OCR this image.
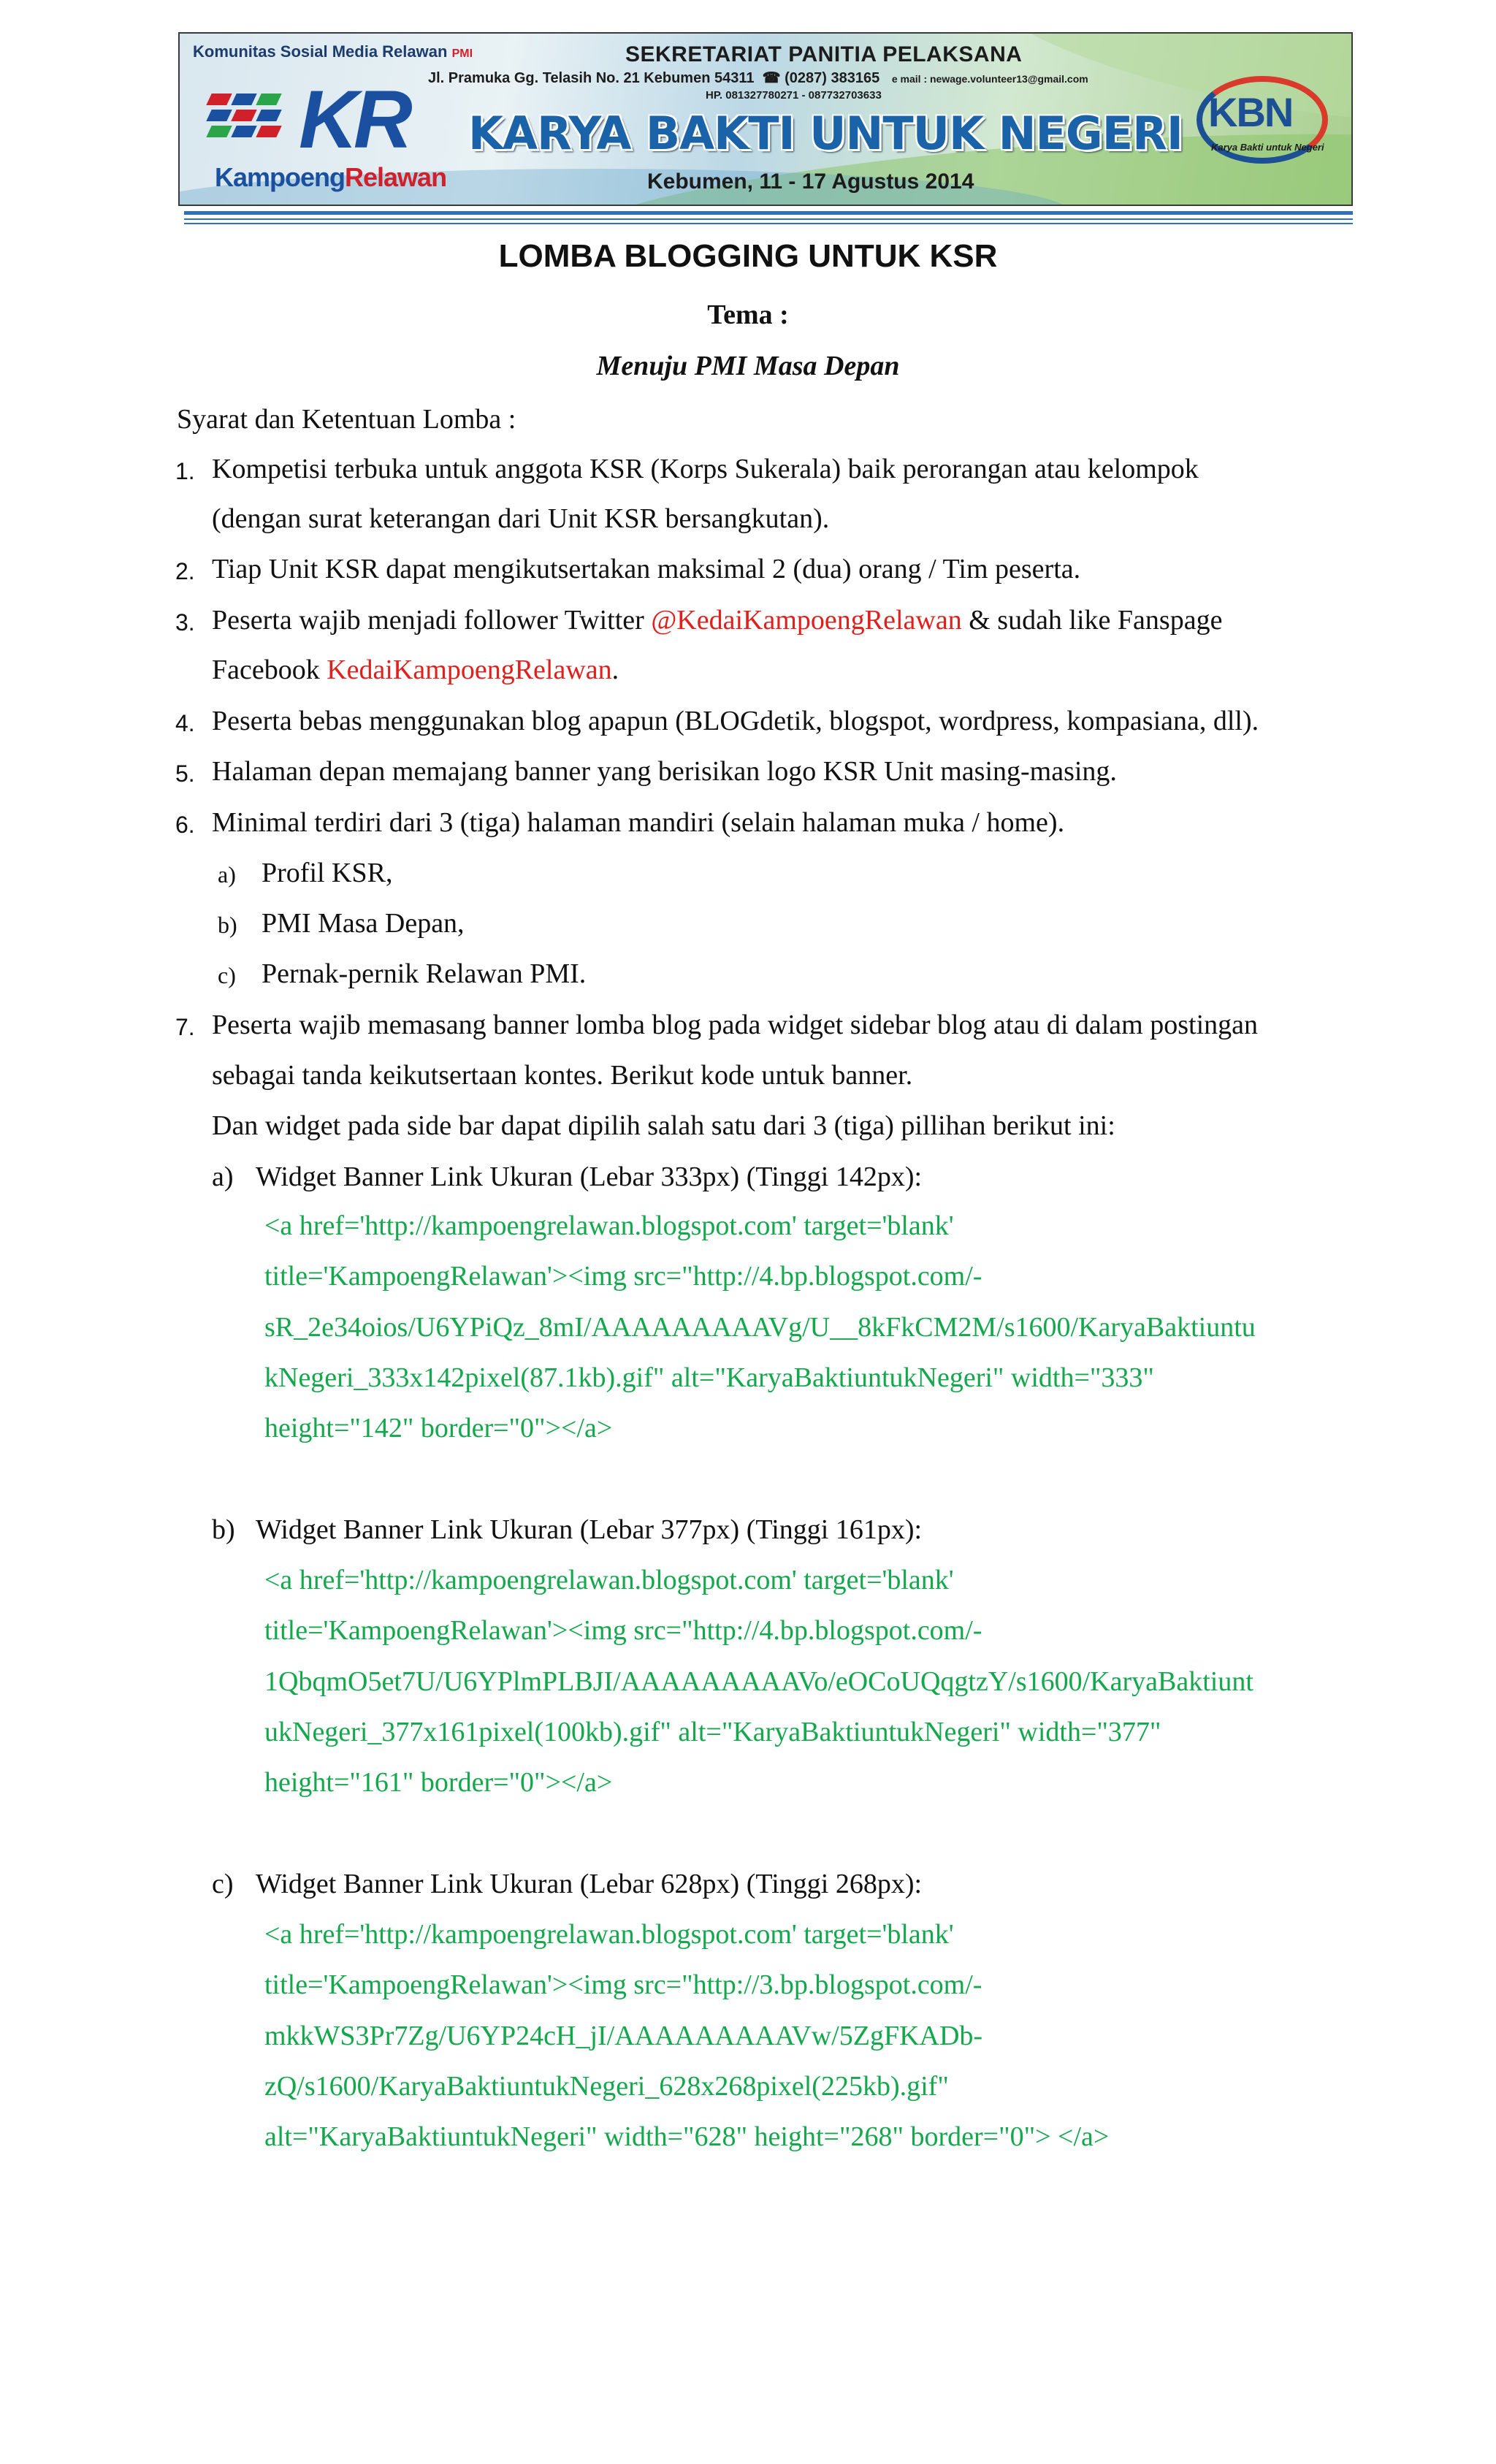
Komunitas Sosial Media Relawan PMI
KR
KampoengRelawan
SEKRETARIAT PANITIA PELAKSANA
Jl. Pramuka Gg. Telasih No. 21 Kebumen 54311 ☎ (0287) 383165 e mail : newage.volunteer13@gmail.com
HP. 081327780271 - 087732703633
KARYA BAKTI UNTUK NEGERI
Kebumen, 11 - 17 Agustus 2014
KBN
Karya Bakti untuk Negeri
LOMBA BLOGGING UNTUK KSR
Tema :
Menuju PMI Masa Depan
Syarat dan Ketentuan Lomba :
1. Kompetisi terbuka untuk anggota KSR (Korps Sukerala) baik perorangan atau kelompok
(dengan surat keterangan dari Unit KSR bersangkutan).
2. Tiap Unit KSR dapat mengikutsertakan maksimal 2 (dua) orang / Tim peserta.
3. Peserta wajib menjadi follower Twitter @KedaiKampoengRelawan & sudah like Fanspage
Facebook KedaiKampoengRelawan.
4. Peserta bebas menggunakan blog apapun (BLOGdetik, blogspot, wordpress, kompasiana, dll).
5. Halaman depan memajang banner yang berisikan logo KSR Unit masing-masing.
6. Minimal terdiri dari 3 (tiga) halaman mandiri (selain halaman muka / home).
a) Profil KSR,
b) PMI Masa Depan,
c) Pernak-pernik Relawan PMI.
7. Peserta wajib memasang banner lomba blog pada widget sidebar blog atau di dalam postingan
sebagai tanda keikutsertaan kontes. Berikut kode untuk banner.
Dan widget pada side bar dapat dipilih salah satu dari 3 (tiga) pillihan berikut ini:
a) Widget Banner Link Ukuran (Lebar 333px) (Tinggi 142px):
<a href='http://kampoengrelawan.blogspot.com' target='blank'
title='KampoengRelawan'><img src="http://4.bp.blogspot.com/-
sR_2e34oios/U6YPiQz_8mI/AAAAAAAAAVg/U__8kFkCM2M/s1600/KaryaBaktiuntu
kNegeri_333x142pixel(87.1kb).gif" alt="KaryaBaktiuntukNegeri" width="333"
height="142" border="0"></a>
b) Widget Banner Link Ukuran (Lebar 377px) (Tinggi 161px):
<a href='http://kampoengrelawan.blogspot.com' target='blank'
title='KampoengRelawan'><img src="http://4.bp.blogspot.com/-
1QbqmO5et7U/U6YPlmPLBJI/AAAAAAAAAVo/eOCoUQqgtzY/s1600/KaryaBaktiunt
ukNegeri_377x161pixel(100kb).gif" alt="KaryaBaktiuntukNegeri" width="377"
height="161" border="0"></a>
c) Widget Banner Link Ukuran (Lebar 628px) (Tinggi 268px):
<a href='http://kampoengrelawan.blogspot.com' target='blank'
title='KampoengRelawan'><img src="http://3.bp.blogspot.com/-
mkkWS3Pr7Zg/U6YP24cH_jI/AAAAAAAAAVw/5ZgFKADb-
zQ/s1600/KaryaBaktiuntukNegeri_628x268pixel(225kb).gif"
alt="KaryaBaktiuntukNegeri" width="628" height="268" border="0"> </a>
